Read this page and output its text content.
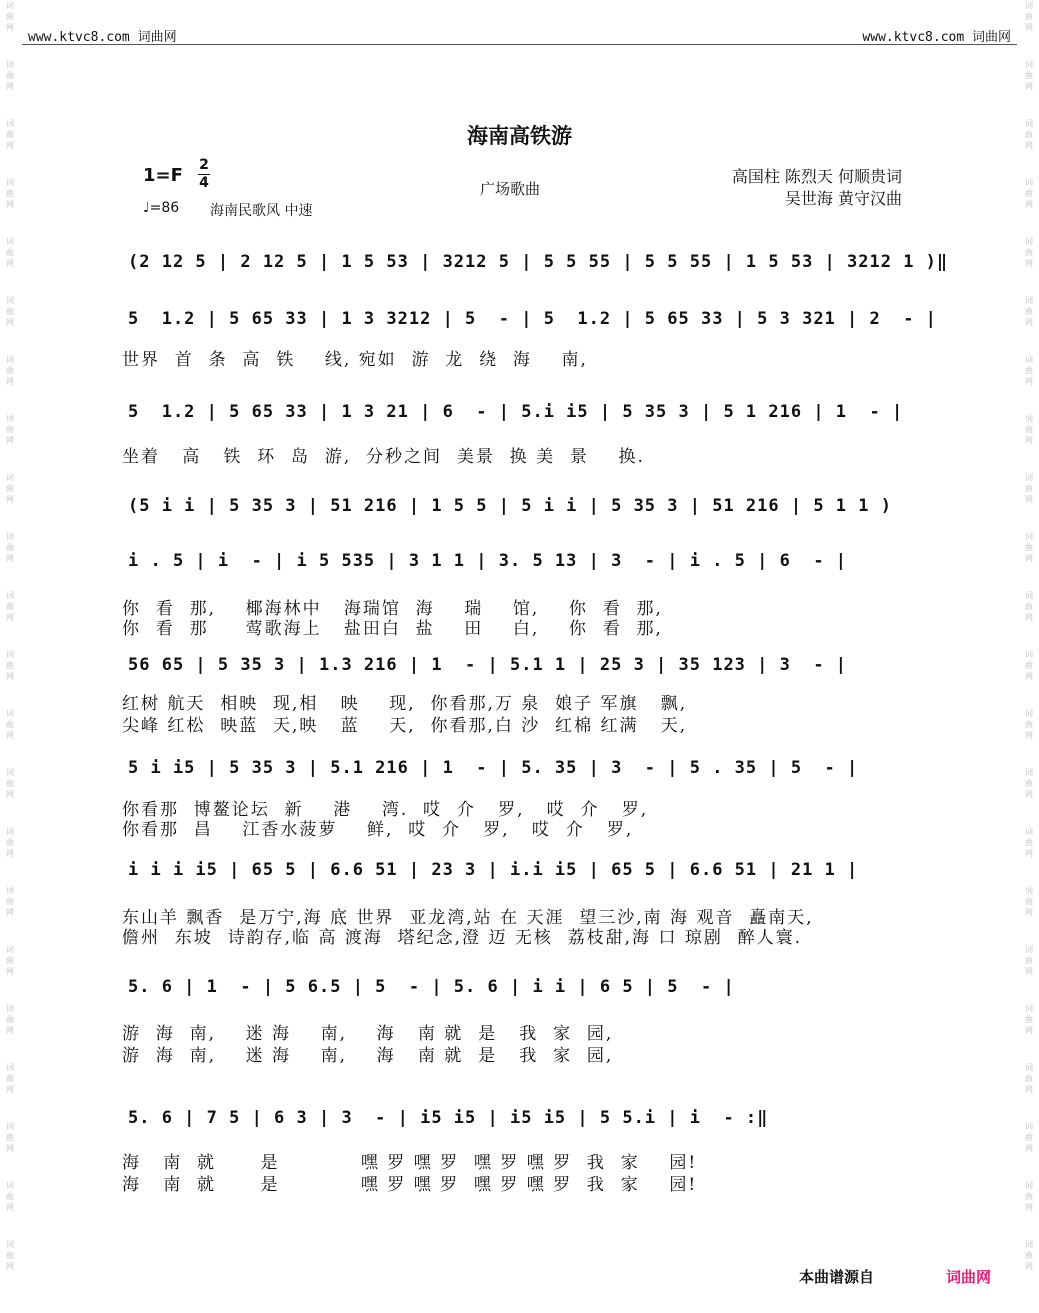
www.ktvc8.com 词曲网	www.ktvc8.com 词曲网
词
曲
网
词
曲
网
词
曲
网
词
曲
网
词
曲
网
词
曲
网
词
曲
网
词
曲
网
词
曲
网
词
曲
网
词
曲
网
词
曲
网
词
曲
网
词
曲
网
词
曲
网
词
曲
网
词
曲
网
词
曲
网
词
曲
网
词
曲
网
词
曲
网
词
曲
网
词
曲
网
词
曲
网
词
曲
网
词
曲
网
词
曲
网
词
曲
网
词
曲
网
词
曲
网
词
曲
网
词
曲
网
词
曲
网
词
曲
网
词
曲
网
词
曲
网
词
曲
网
词
曲
网
词
曲
网
词
曲
网
词
曲
网
词
曲
网
词
曲
网
词
曲
网
海南高铁游
1=F 2
4
♩=86 海南民歌风 中速
广场歌曲
高国柱 陈烈天 何顺贵词
吴世海 黄守汉曲
(2 12 5 | 2 12 5 | 1 5 53 | 3212 5 | 5 5 55 | 5 5 55 | 1 5 53 | 3212 1 )‖
5  1.2 | 5 65 33 | 1 3 3212 | 5  - | 5  1.2 | 5 65 33 | 5 3 321 | 2  - |
世界  首  条  高  铁    线, 宛如  游  龙  绕  海    南,
5  1.2 | 5 65 33 | 1 3 21 | 6  - | 5.i i5 | 5 35 3 | 5 1 216 | 1  - |
坐着   高   铁  环  岛  游,  分秒之间  美景  换 美  景    换.
(5 i i | 5 35 3 | 51 216 | 1 5 5 | 5 i i | 5 35 3 | 51 216 | 5 1 1 )
i . 5 | i  - | i 5 535 | 3 1 1 | 3. 5 13 | 3  - | i . 5 | 6  - |
你  看  那,    椰海林中   海瑞馆  海    瑞    馆,    你  看  那,
你  看  那     莺歌海上   盐田白  盐    田    白,    你  看  那,
56 65 | 5 35 3 | 1.3 216 | 1  - | 5.1 1 | 25 3 | 35 123 | 3  - |
红树 航天  相映  现,相   映    现,  你看那,万 泉  娘子 军旗   飘,
尖峰 红松  映蓝  天,映   蓝    天,  你看那,白 沙  红棉 红满   天,
5 i i5 | 5 35 3 | 5.1 216 | 1  - | 5. 35 | 3  - | 5 . 35 | 5  - |
你看那  博鳌论坛  新    港    湾.  哎  介   罗,   哎  介   罗,
你看那  昌    江香水菠萝    鲜,  哎  介   罗,   哎  介   罗,
i i i i5 | 65 5 | 6.6 51 | 23 3 | i.i i5 | 65 5 | 6.6 51 | 21 1 |
东山羊 飘香  是万宁,海 底 世界  亚龙湾,站 在 天涯  望三沙,南 海 观音  矗南天,
儋州  东坡  诗韵存,临 高 渡海  塔纪念,澄 迈 无核  荔枝甜,海 口 琼剧  醉人寰.
5. 6 | 1  - | 5 6.5 | 5  - | 5. 6 | i i | 6 5 | 5  - |
游  海  南,    迷 海    南,    海   南 就  是   我  家  园,
游  海  南,    迷 海    南,    海   南 就  是   我  家  园,
5. 6 | 7 5 | 6 3 | 3  - | i5 i5 | i5 i5 | 5 5.i | i  - :‖
海   南  就      是           嘿 罗 嘿 罗  嘿 罗 嘿 罗  我  家    园!
海   南  就      是           嘿 罗 嘿 罗  嘿 罗 嘿 罗  我  家    园!
本曲谱源自	词曲网
